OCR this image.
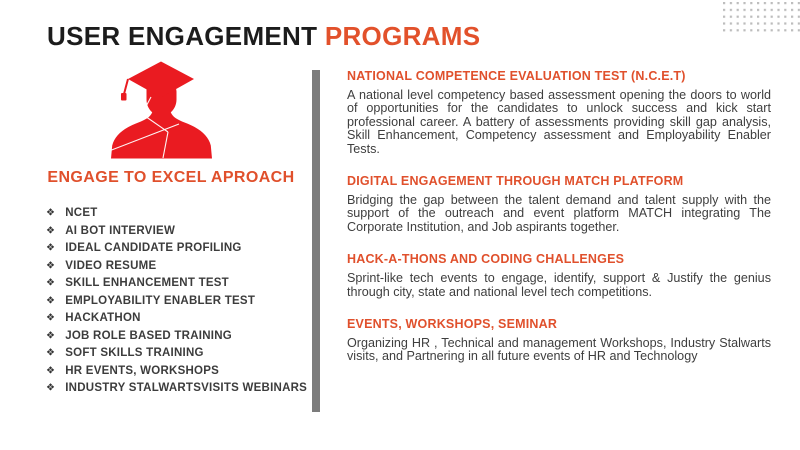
USER ENGAGEMENT PROGRAMS
ENGAGE TO EXCEL APROACH
❖ NCET
❖ AI BOT INTERVIEW
❖ IDEAL CANDIDATE PROFILING
❖ VIDEO RESUME
❖ SKILL ENHANCEMENT TEST
❖ EMPLOYABILITY ENABLER TEST
❖ HACKATHON
❖ JOB ROLE BASED TRAINING
❖ SOFT SKILLS TRAINING
❖ HR EVENTS, WORKSHOPS
❖ INDUSTRY STALWARTSVISITS WEBINARS
NATIONAL COMPETENCE EVALUATION TEST (N.C.E.T)

A national level competency based assessment opening the doors to world of opportunities for the candidates to unlock success and kick start professional career. A battery of assessments providing skill gap analysis, Skill Enhancement, Competency assessment and Employability Enabler Tests.

DIGITAL ENGAGEMENT THROUGH MATCH PLATFORM

Bridging the gap between the talent demand and talent supply with the support of the outreach and event platform MATCH integrating The Corporate Institution, and Job aspirants together.

HACK-A-THONS AND CODING CHALLENGES

Sprint-like tech events to engage, identify, support & Justify the genius through city, state and national level tech competitions.

EVENTS, WORKSHOPS, SEMINAR

Organizing HR , Technical and management Workshops, Industry Stalwarts visits, and Partnering in all future events of HR and Technology
